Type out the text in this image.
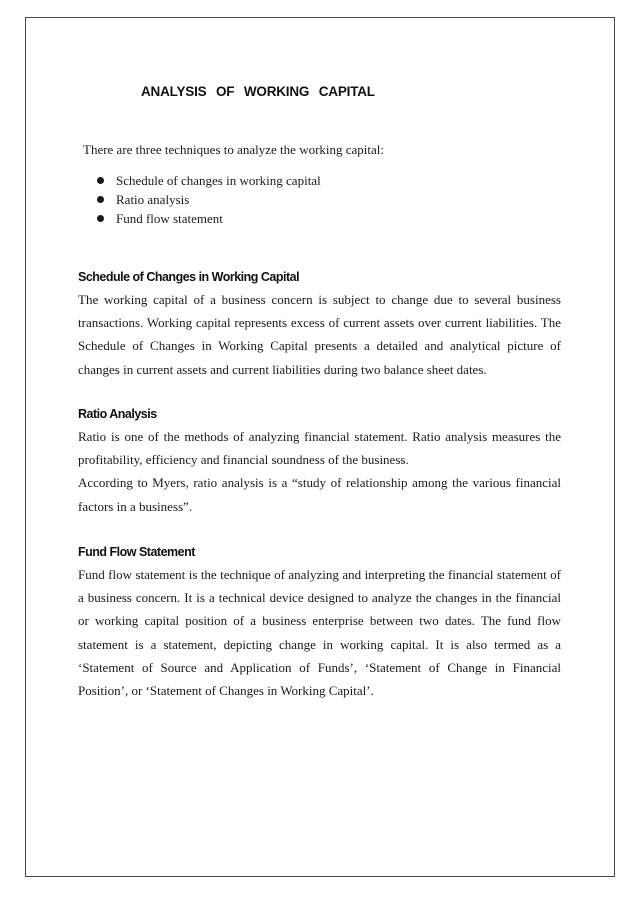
ANALYSIS OF WORKING CAPITAL
There are three techniques to analyze the working capital:
Schedule of changes in working capital
Ratio analysis
Fund flow statement
Schedule of Changes in Working Capital

The working capital of a business concern is subject to change due to several business transactions. Working capital represents excess of current assets over current liabilities. The Schedule of Changes in Working Capital presents a detailed and analytical picture of changes in current assets and current liabilities during two balance sheet dates.

Ratio Analysis

Ratio is one of the methods of analyzing financial statement. Ratio analysis measures the profitability, efficiency and financial soundness of the business.

According to Myers, ratio analysis is a “study of relationship among the various financial factors in a business”.

Fund Flow Statement

Fund flow statement is the technique of analyzing and interpreting the financial statement of a business concern. It is a technical device designed to analyze the changes in the financial or working capital position of a business enterprise between two dates. The fund flow statement is a statement, depicting change in working capital. It is also termed as a ‘Statement of Source and Application of Funds’, ‘Statement of Change in Financial Position’, or ‘Statement of Changes in Working Capital’.
